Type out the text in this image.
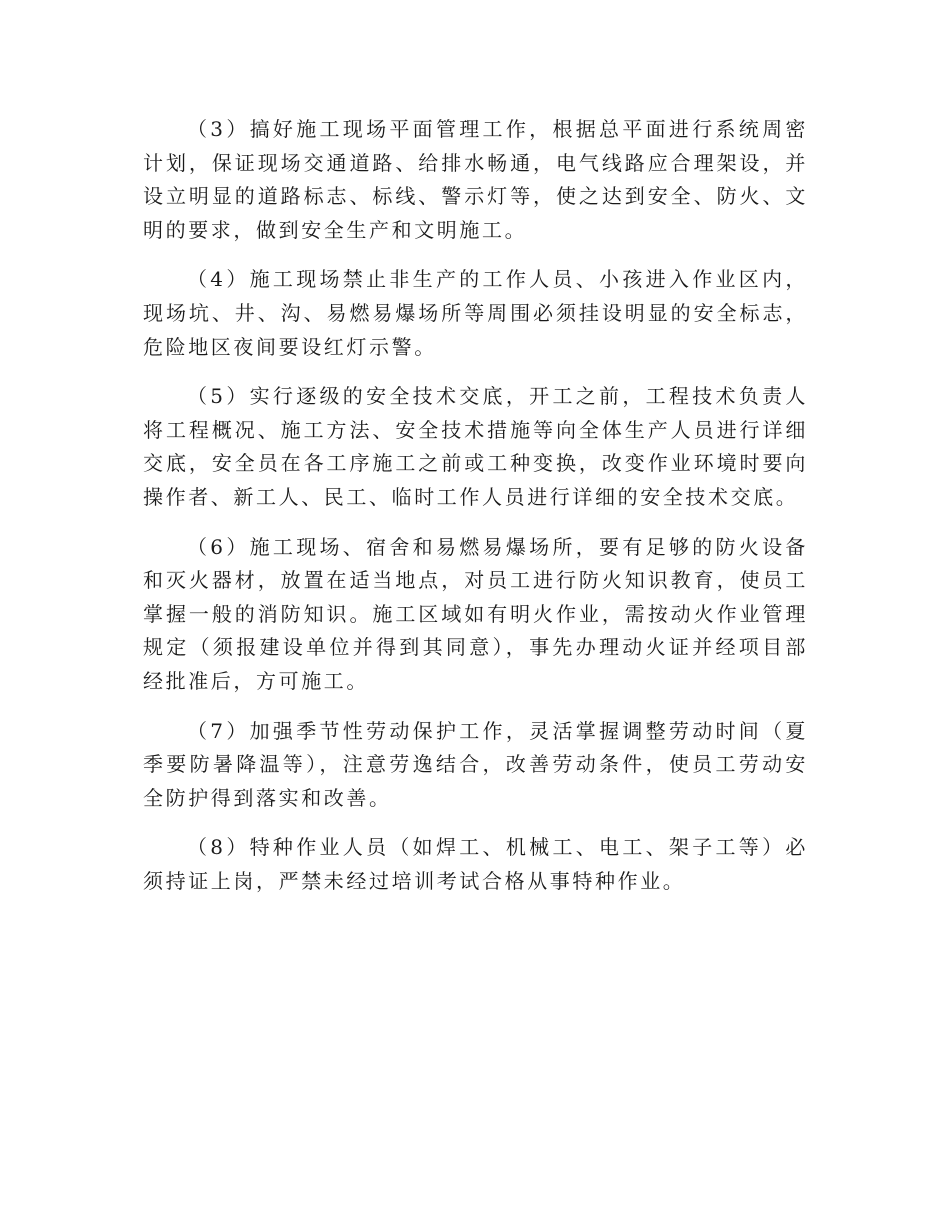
（3）搞好施工现场平面管理工作，根据总平面进行系统周密计划，保证现场交通道路、给排水畅通，电气线路应合理架设，并设立明显的道路标志、标线、警示灯等，使之达到安全、防火、文明的要求，做到安全生产和文明施工。

（4）施工现场禁止非生产的工作人员、小孩进入作业区内，现场坑、井、沟、易燃易爆场所等周围必须挂设明显的安全标志，危险地区夜间要设红灯示警。

（5）实行逐级的安全技术交底，开工之前，工程技术负责人将工程概况、施工方法、安全技术措施等向全体生产人员进行详细交底，安全员在各工序施工之前或工种变换，改变作业环境时要向操作者、新工人、民工、临时工作人员进行详细的安全技术交底。

（6）施工现场、宿舍和易燃易爆场所，要有足够的防火设备和灭火器材，放置在适当地点，对员工进行防火知识教育，使员工掌握一般的消防知识。施工区域如有明火作业，需按动火作业管理规定（须报建设单位并得到其同意），事先办理动火证并经项目部经批准后，方可施工。

（7）加强季节性劳动保护工作，灵活掌握调整劳动时间（夏季要防暑降温等），注意劳逸结合，改善劳动条件，使员工劳动安全防护得到落实和改善。

（8）特种作业人员（如焊工、机械工、电工、架子工等）必须持证上岗，严禁未经过培训考试合格从事特种作业。
